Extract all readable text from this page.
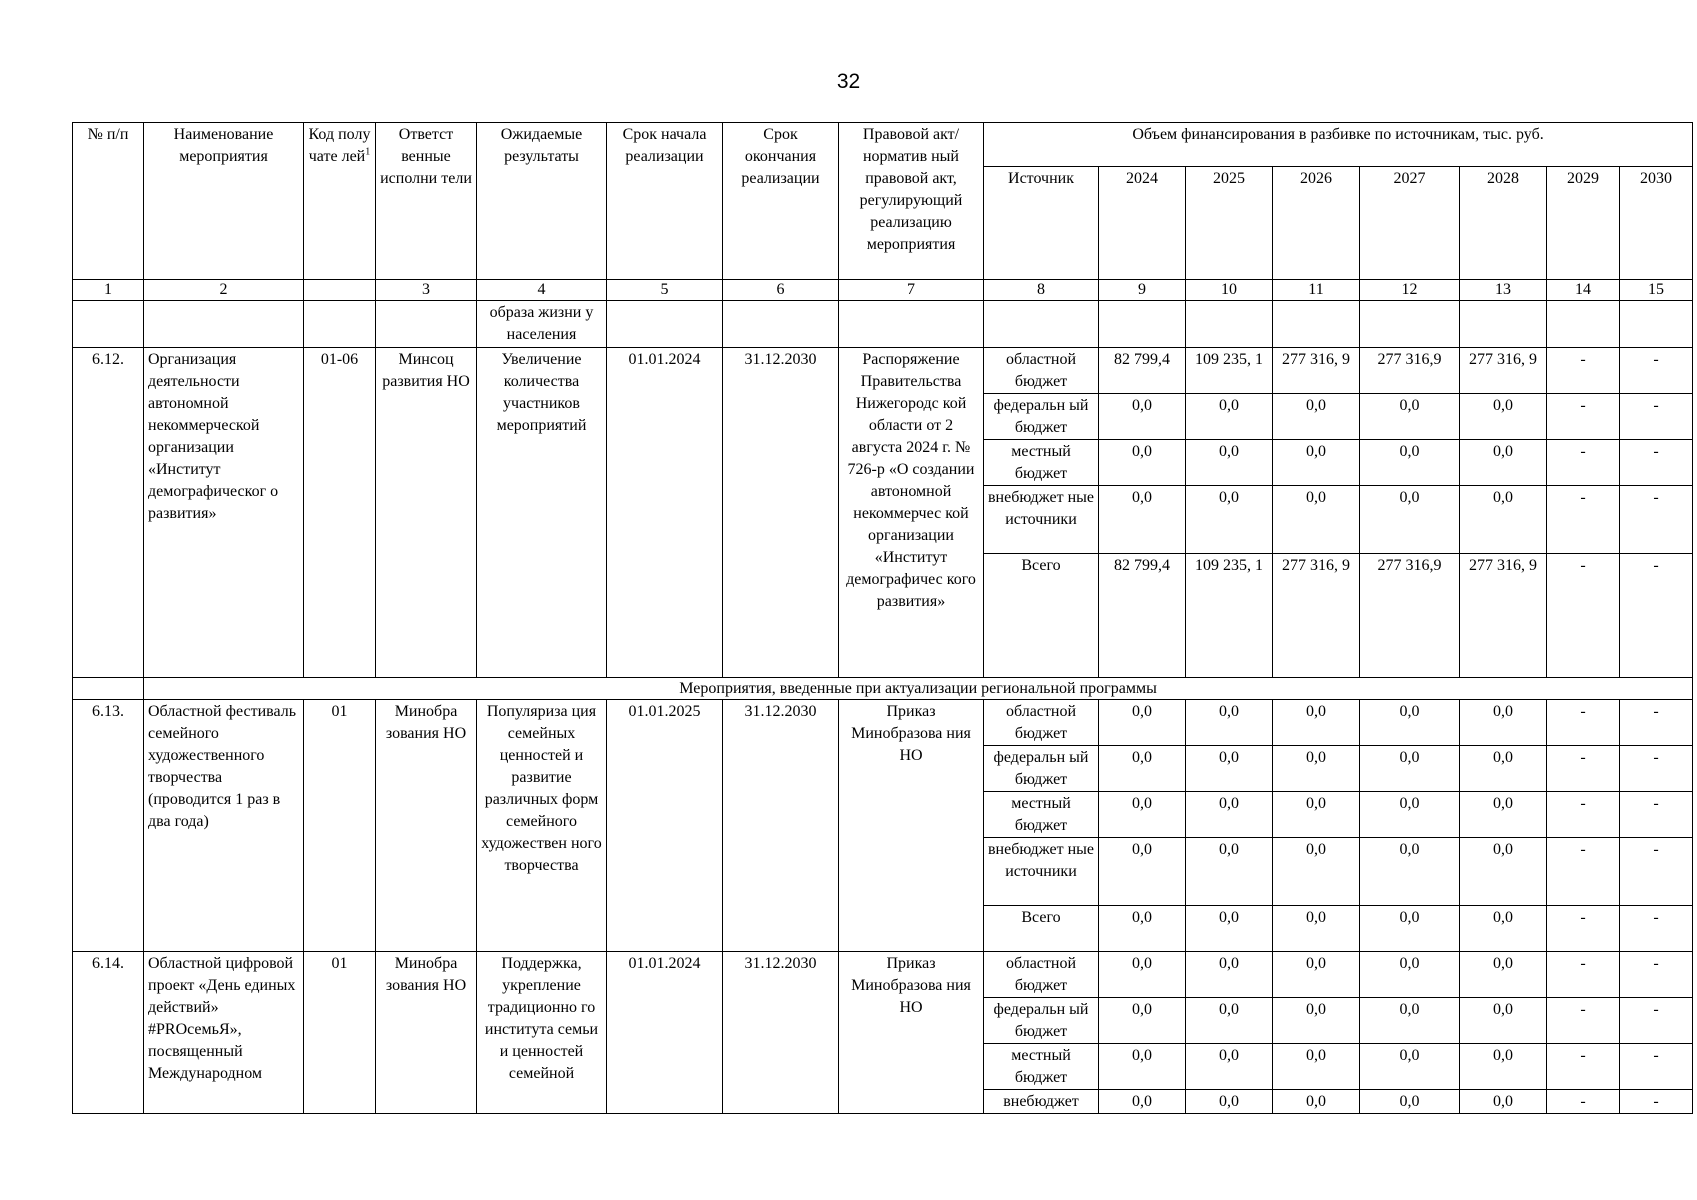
32
№ п/п	Наименование мероприятия	Код полу чате лей$^1$	Ответст венные исполни тели	Ожидаемые результаты	Срок начала реализации	Срок окончания реализации	Правовой акт/норматив ный правовой акт, регулирующий реализацию мероприятия	Объем финансирования в разбивке по источникам, тыс. руб.							
								Источник	2024	2025	2026	2027	2028	2029	2030
1	2		3	4	5	6	7	8	9	10	11	12	13	14	15
				образа жизни у населения											
6.12.	Организация деятельности автономной некоммерческой организации «Институт демографическог о развития»	01-06	Минсоц развития НО	Увеличение количества участников мероприятий	01.01.2024	31.12.2030	Распоряжение Правительства Нижегородс кой области от 2 августа 2024 г. № 726-р «О создании автономной некоммерчес кой организации «Институт демографичес кого развития»	областной бюджет	82 799,4	109 235, 1	277 316, 9	277 316,9	277 316, 9	-	-
								федеральн ый бюджет	0,0	0,0	0,0	0,0	0,0	-	-
								местный бюджет	0,0	0,0	0,0	0,0	0,0	-	-
								внебюджет ные источники	0,0	0,0	0,0	0,0	0,0	-	-
								Всего	82 799,4	109 235, 1	277 316, 9	277 316,9	277 316, 9	-	-
	Мероприятия, введенные при актуализации региональной программы														
6.13.	Областной фестиваль семейного художественного творчества (проводится 1 раз в два года)	01	Минобра зования НО	Популяриза ция семейных ценностей и развитие различных форм семейного художествен ного творчества	01.01.2025	31.12.2030	Приказ Минобразова ния НО	областной бюджет	0,0	0,0	0,0	0,0	0,0	-	-
								федеральн ый бюджет	0,0	0,0	0,0	0,0	0,0	-	-
								местный бюджет	0,0	0,0	0,0	0,0	0,0	-	-
								внебюджет ные источники	0,0	0,0	0,0	0,0	0,0	-	-
								Всего	0,0	0,0	0,0	0,0	0,0	-	-
6.14.	Областной цифровой проект «День единых действий» #PROсемьЯ», посвященный Международном	01	Минобра зования НО	Поддержка, укрепление традиционно го института семьи и ценностей семейной	01.01.2024	31.12.2030	Приказ Минобразова ния НО	областной бюджет	0,0	0,0	0,0	0,0	0,0	-	-
								федеральн ый бюджет	0,0	0,0	0,0	0,0	0,0	-	-
								местный бюджет	0,0	0,0	0,0	0,0	0,0	-	-
								внебюджет	0,0	0,0	0,0	0,0	0,0	-	-
